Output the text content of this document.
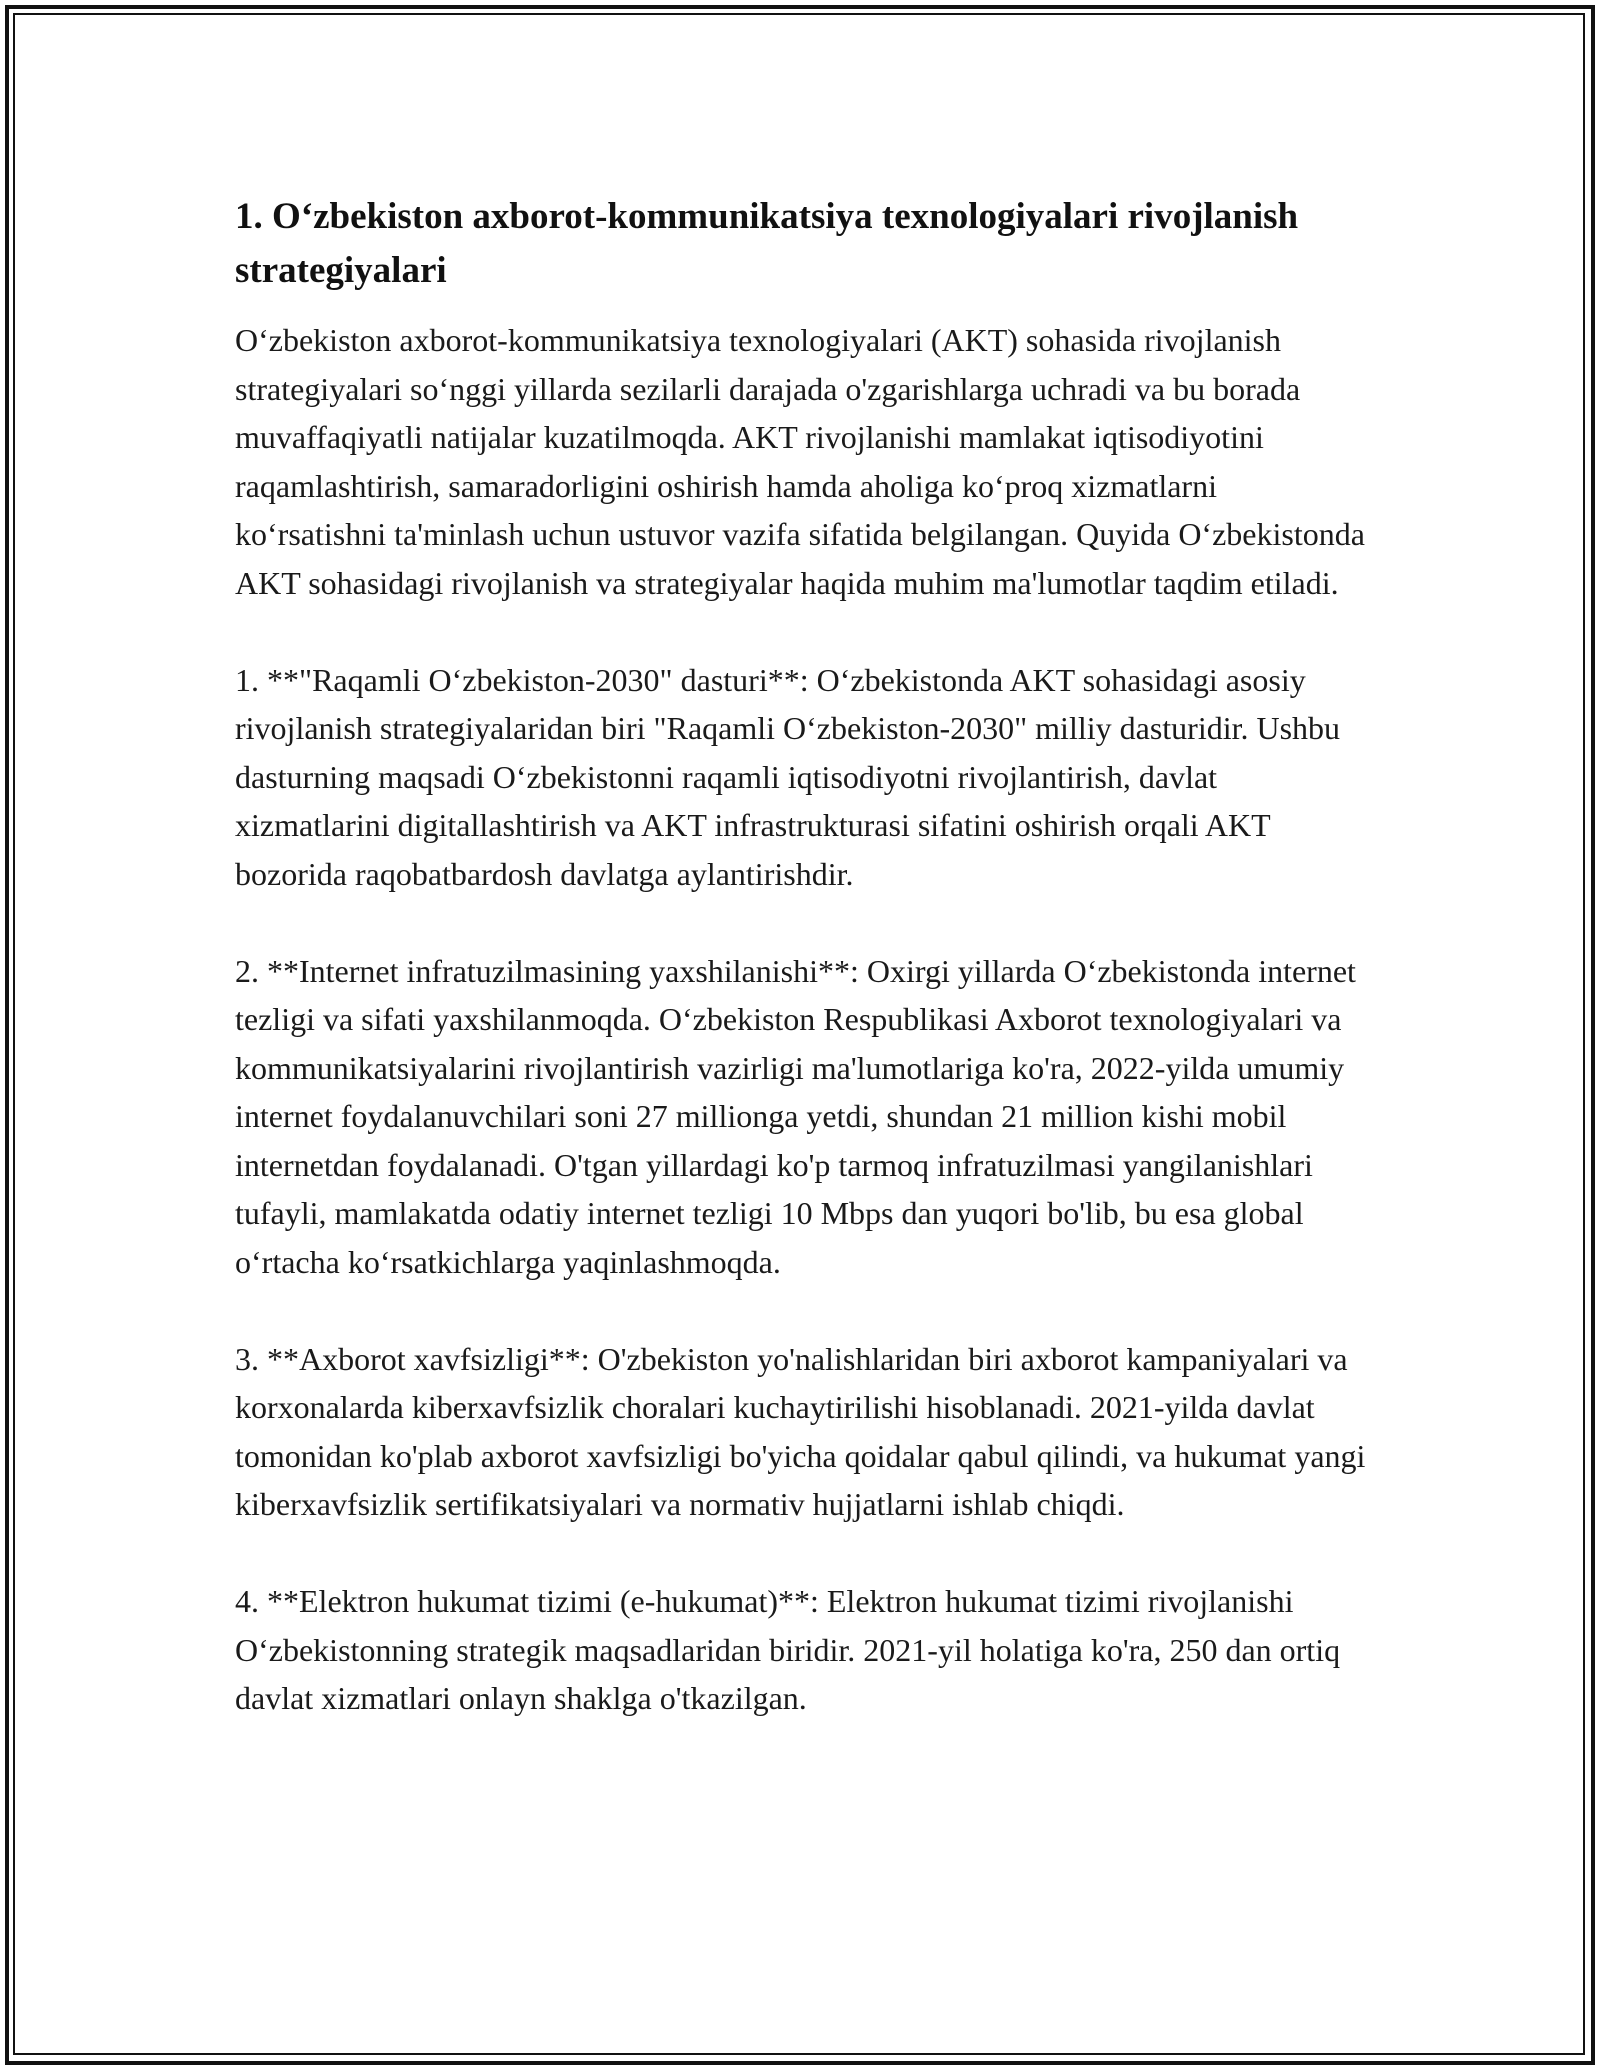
1. O‘zbekiston axborot-kommunikatsiya texnologiyalari rivojlanish strategiyalari

O‘zbekiston axborot-kommunikatsiya texnologiyalari (AKT) sohasida rivojlanish strategiyalari so‘nggi yillarda sezilarli darajada o'zgarishlarga uchradi va bu borada muvaffaqiyatli natijalar kuzatilmoqda. AKT rivojlanishi mamlakat iqtisodiyotini raqamlashtirish, samaradorligini oshirish hamda aholiga ko‘proq xizmatlarni ko‘rsatishni ta'minlash uchun ustuvor vazifa sifatida belgilangan. Quyida O‘zbekistonda AKT sohasidagi rivojlanish va strategiyalar haqida muhim ma'lumotlar taqdim etiladi.

1. **"Raqamli O‘zbekiston-2030" dasturi**: O‘zbekistonda AKT sohasidagi asosiy rivojlanish strategiyalaridan biri "Raqamli O‘zbekiston-2030" milliy dasturidir. Ushbu dasturning maqsadi O‘zbekistonni raqamli iqtisodiyotni rivojlantirish, davlat xizmatlarini digitallashtirish va AKT infrastrukturasi sifatini oshirish orqali AKT bozorida raqobatbardosh davlatga aylantirishdir.

2. **Internet infratuzilmasining yaxshilanishi**: Oxirgi yillarda O‘zbekistonda internet tezligi va sifati yaxshilanmoqda. O‘zbekiston Respublikasi Axborot texnologiyalari va kommunikatsiyalarini rivojlantirish vazirligi ma'lumotlariga ko'ra, 2022-yilda umumiy internet foydalanuvchilari soni 27 millionga yetdi, shundan 21 million kishi mobil internetdan foydalanadi. O'tgan yillardagi ko'p tarmoq infratuzilmasi yangilanishlari tufayli, mamlakatda odatiy internet tezligi 10 Mbps dan yuqori bo'lib, bu esa global o‘rtacha ko‘rsatkichlarga yaqinlashmoqda.

3. **Axborot xavfsizligi**: O'zbekiston yo'nalishlaridan biri axborot kampaniyalari va korxonalarda kiberxavfsizlik choralari kuchaytirilishi hisoblanadi. 2021-yilda davlat tomonidan ko'plab axborot xavfsizligi bo'yicha qoidalar qabul qilindi, va hukumat yangi kiberxavfsizlik sertifikatsiyalari va normativ hujjatlarni ishlab chiqdi.

4. **Elektron hukumat tizimi (e-hukumat)**: Elektron hukumat tizimi rivojlanishi O‘zbekistonning strategik maqsadlaridan biridir. 2021-yil holatiga ko'ra, 250 dan ortiq davlat xizmatlari onlayn shaklga o'tkazilgan.
